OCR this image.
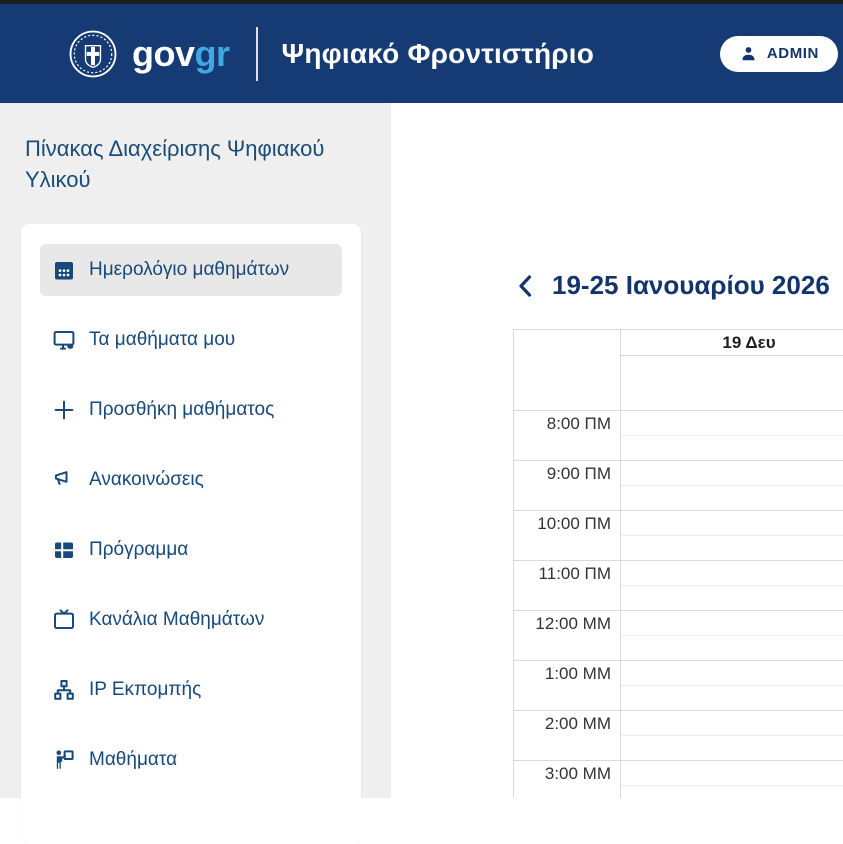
gov gr Ψηφιακό Φροντιστήριο	ADMIN
Πίνακας Διαχείρισης Ψηφιακού Υλικού
Ημερολόγιο μαθημάτων
Τα μαθήματα μου
Προσθήκη μαθήματος
Ανακοινώσεις
Πρόγραμμα
Κανάλια Μαθημάτων
IP Εκπομπής
Μαθήματα
19-25 Ιανουαρίου 2026
19 Δευ
8:00 ΠΜ
9:00 ΠΜ
10:00 ΠΜ
11:00 ΠΜ
12:00 ΜΜ
1:00 ΜΜ
2:00 ΜΜ
3:00 ΜΜ
